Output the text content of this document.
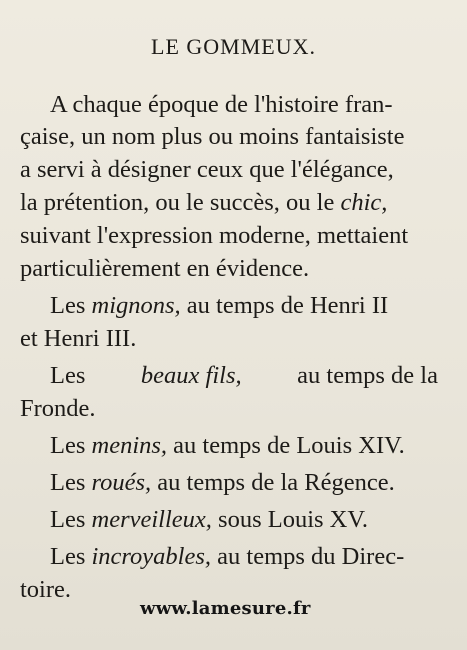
LE GOMMEUX.
A chaque époque de l'histoire fran-
çaise, un nom plus ou moins fantaisiste
a servi à désigner ceux que l'élégance,
la prétention, ou le succès, ou le chic,
suivant l'expression moderne, mettaient
particulièrement en évidence.
Les mignons, au temps de Henri II
et Henri III.
Les beaux fils, au temps de la
Fronde.
Les menins, au temps de Louis XIV.
Les roués, au temps de la Régence.
Les merveilleux, sous Louis XV.
Les incroyables, au temps du Direc-
toire.
www.lamesure.fr
